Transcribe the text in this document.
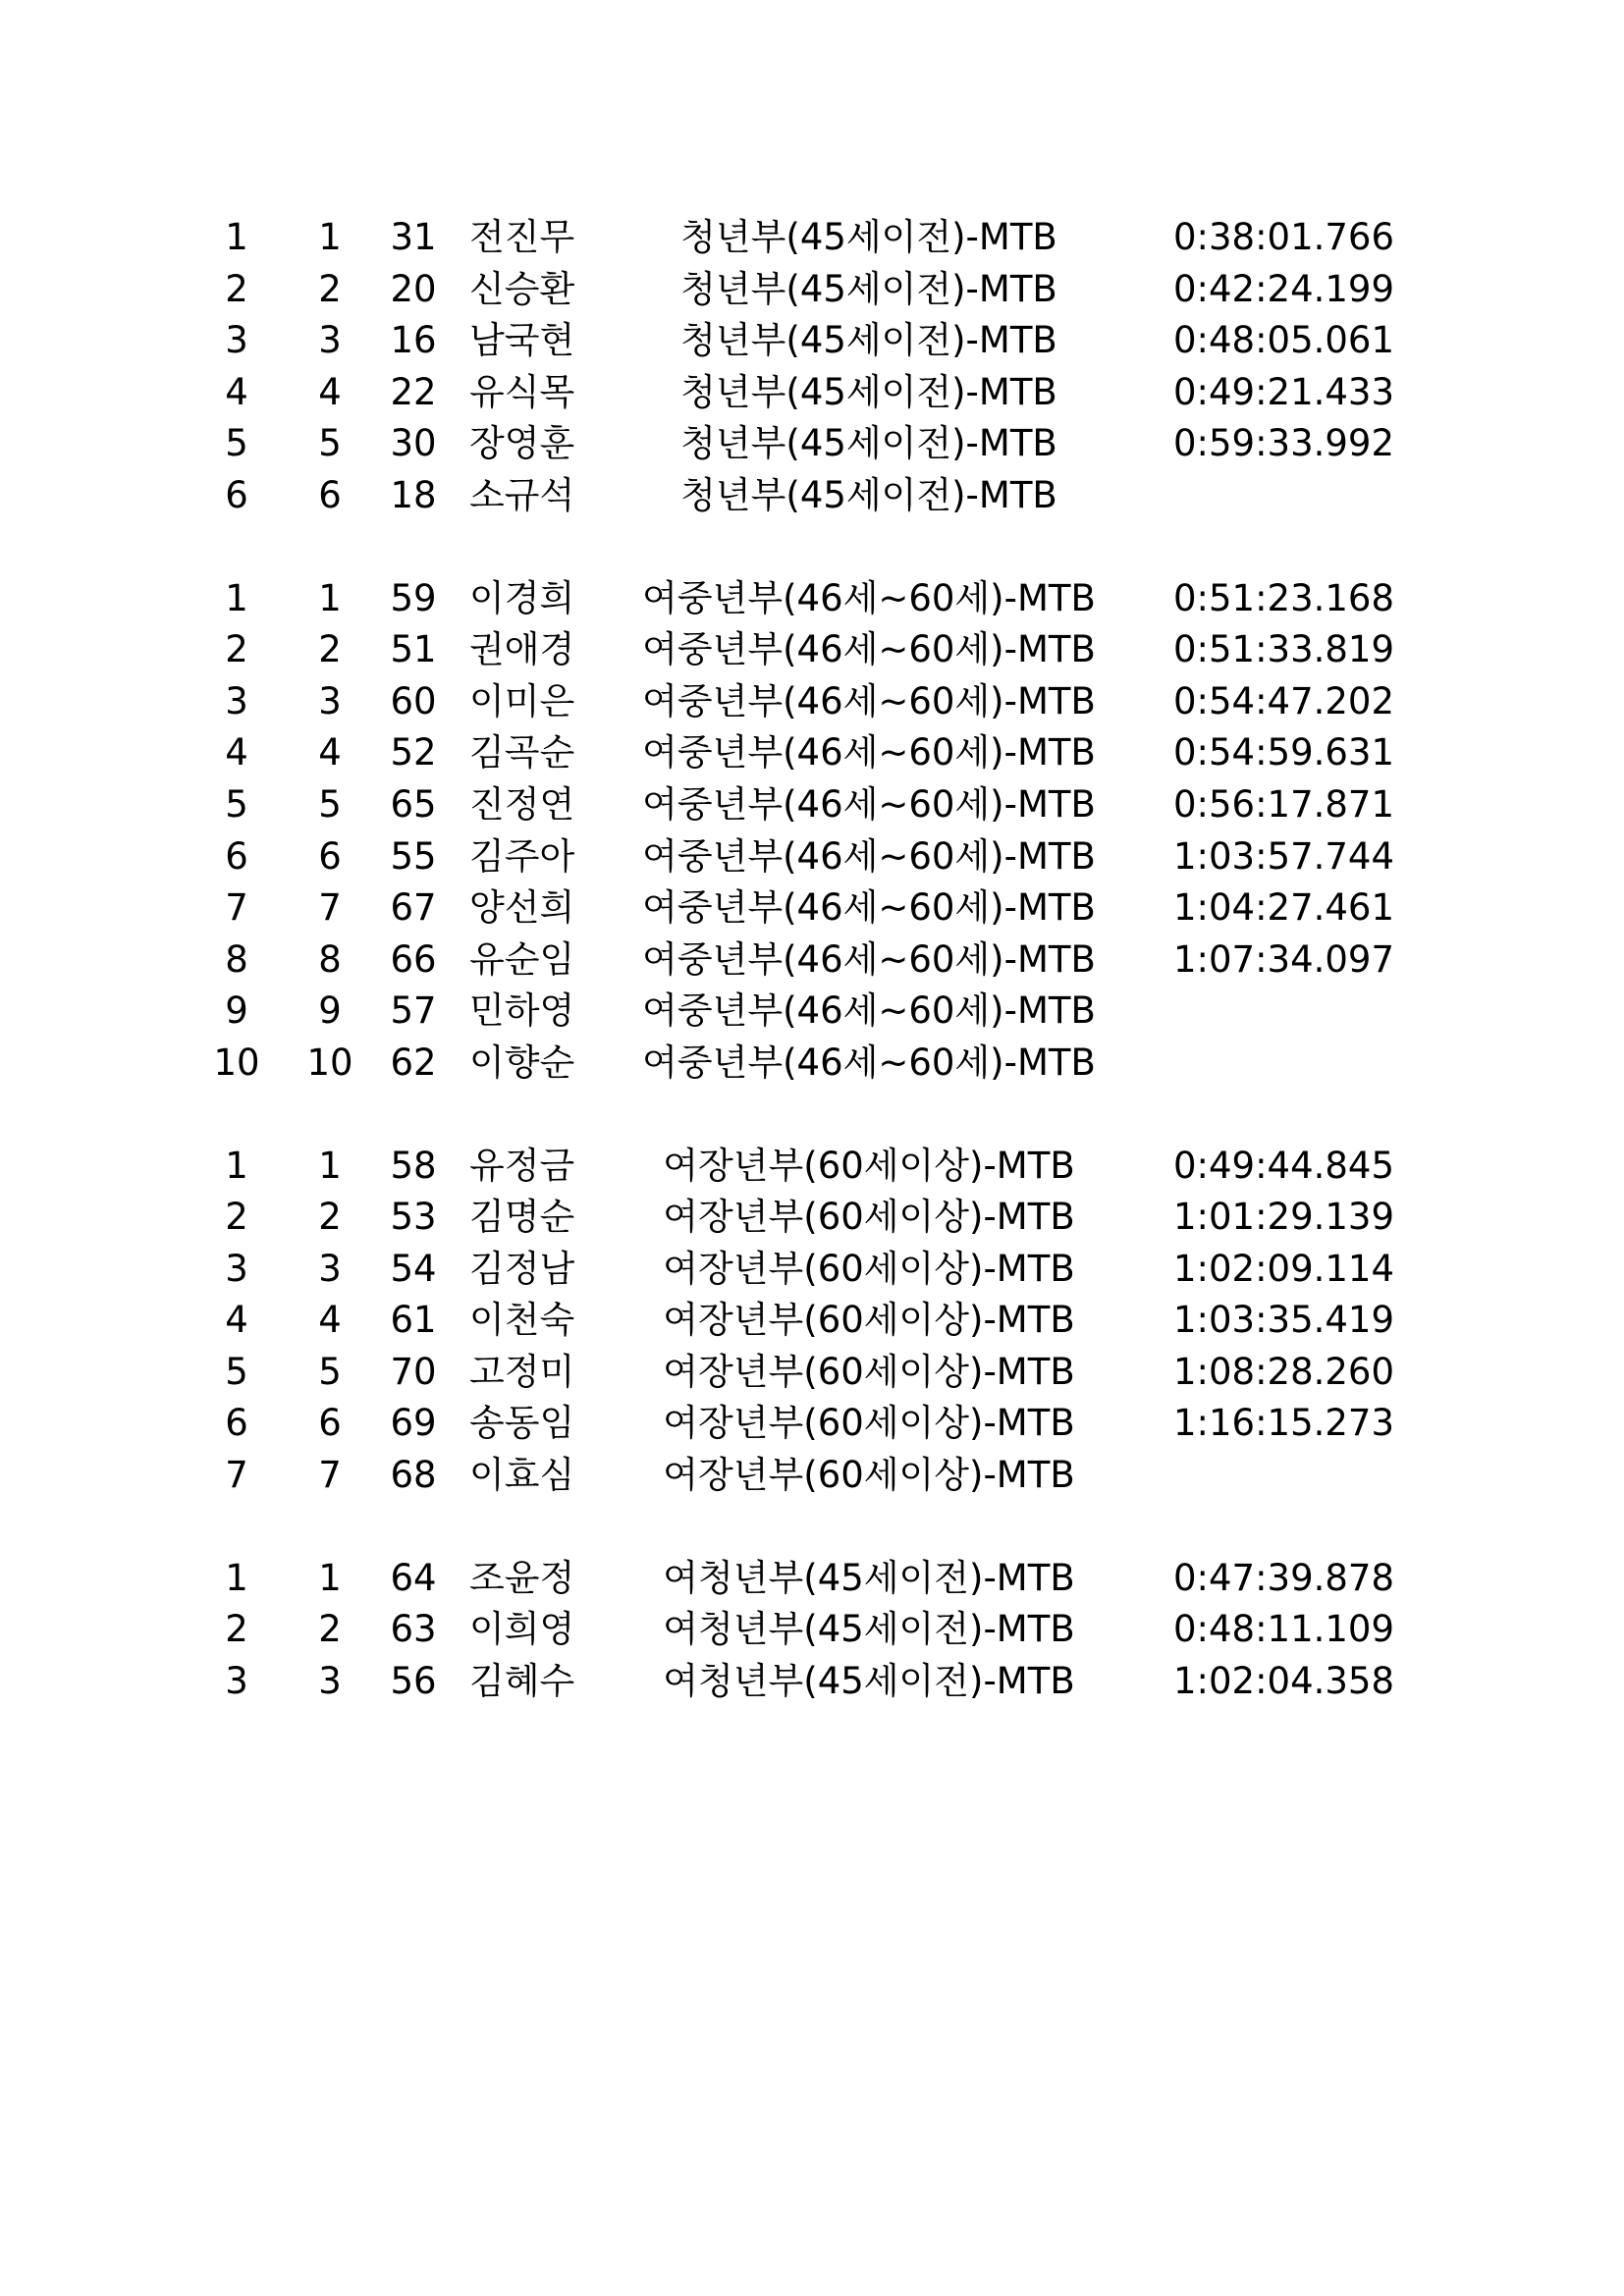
1	1	31 전진무	청년부(45세이전)-MTB	0:38:01.766
2	2	20 신승환	청년부(45세이전)-MTB	0:42:24.199
3	3	16 남국현	청년부(45세이전)-MTB	0:48:05.061
4	4	22 유식목	청년부(45세이전)-MTB	0:49:21.433
5	5	30 장영훈	청년부(45세이전)-MTB	0:59:33.992
6	6	18 소규석	청년부(45세이전)-MTB
1	1	59 이경희	여중년부(46세~60세)-MTB	0:51:23.168
2	2	51 권애경	여중년부(46세~60세)-MTB	0:51:33.819
3	3	60 이미은	여중년부(46세~60세)-MTB	0:54:47.202
4	4	52 김곡순	여중년부(46세~60세)-MTB	0:54:59.631
5	5	65 진정연	여중년부(46세~60세)-MTB	0:56:17.871
6	6	55 김주아	여중년부(46세~60세)-MTB	1:03:57.744
7	7	67 양선희	여중년부(46세~60세)-MTB	1:04:27.461
8	8	66 유순임	여중년부(46세~60세)-MTB	1:07:34.097
9	9	57 민하영	여중년부(46세~60세)-MTB
10 10 62 이향순	여중년부(46세~60세)-MTB
1	1	58 유정금	여장년부(60세이상)-MTB	0:49:44.845
2	2	53 김명순	여장년부(60세이상)-MTB	1:01:29.139
3	3	54 김정남	여장년부(60세이상)-MTB	1:02:09.114
4	4	61 이천숙	여장년부(60세이상)-MTB	1:03:35.419
5	5	70 고정미	여장년부(60세이상)-MTB	1:08:28.260
6	6	69 송동임	여장년부(60세이상)-MTB	1:16:15.273
7	7	68 이효심	여장년부(60세이상)-MTB
1	1	64 조윤정	여청년부(45세이전)-MTB	0:47:39.878
2	2	63 이희영	여청년부(45세이전)-MTB	0:48:11.109
3	3	56 김혜수	여청년부(45세이전)-MTB	1:02:04.358
